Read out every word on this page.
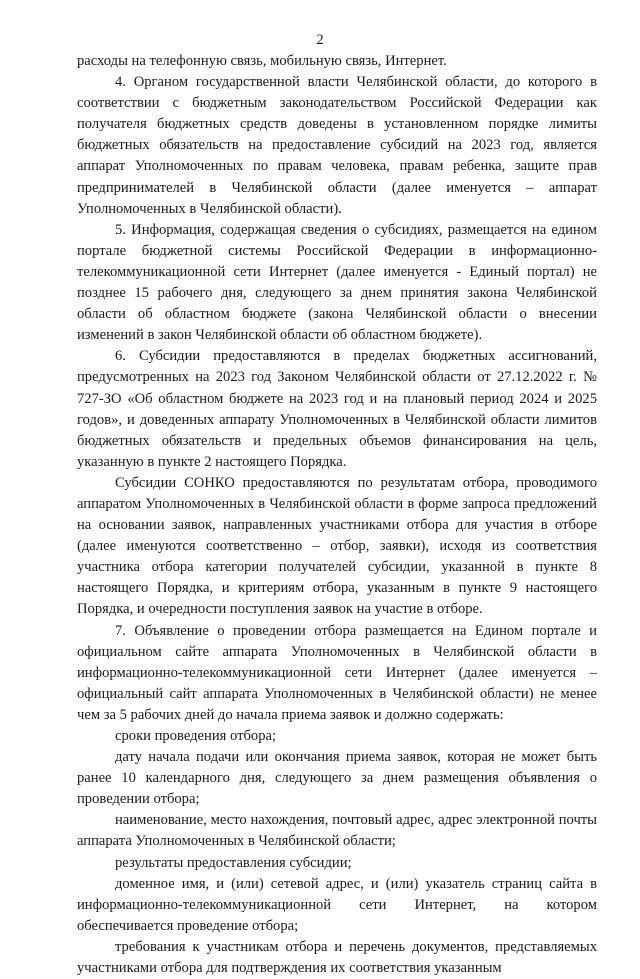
2

расходы на телефонную связь, мобильную связь, Интернет.

4. Органом государственной власти Челябинской области, до которого в соответствии с бюджетным законодательством Российской Федерации как получателя бюджетных средств доведены в установленном порядке лимиты бюджетных обязательств на предоставление субсидий на 2023 год, является аппарат Уполномоченных по правам человека, правам ребенка, защите прав предпринимателей в Челябинской области (далее именуется – аппарат Уполномоченных в Челябинской области).

5. Информация, содержащая сведения о субсидиях, размещается на едином портале бюджетной системы Российской Федерации в информационно-телекоммуникационной сети Интернет (далее именуется - Единый портал) не позднее 15 рабочего дня, следующего за днем принятия закона Челябинской области об областном бюджете (закона Челябинской области о внесении изменений в закон Челябинской области об областном бюджете).

6. Субсидии предоставляются в пределах бюджетных ассигнований, предусмотренных на 2023 год Законом Челябинской области от 27.12.2022 г. № 727-ЗО «Об областном бюджете на 2023 год и на плановый период 2024 и 2025 годов», и доведенных аппарату Уполномоченных в Челябинской области лимитов бюджетных обязательств и предельных объемов финансирования на цель, указанную в пункте 2 настоящего Порядка.

Субсидии СОНКО предоставляются по результатам отбора, проводимого аппаратом Уполномоченных в Челябинской области в форме запроса предложений на основании заявок, направленных участниками отбора для участия в отборе (далее именуются соответственно – отбор, заявки), исходя из соответствия участника отбора категории получателей субсидии, указанной в пункте 8 настоящего Порядка, и критериям отбора, указанным в пункте 9 настоящего Порядка, и очередности поступления заявок на участие в отборе.

7. Объявление о проведении отбора размещается на Едином портале и официальном сайте аппарата Уполномоченных в Челябинской области в информационно-телекоммуникационной сети Интернет (далее именуется – официальный сайт аппарата Уполномоченных в Челябинской области) не менее чем за 5 рабочих дней до начала приема заявок и должно содержать:

сроки проведения отбора;

дату начала подачи или окончания приема заявок, которая не может быть ранее 10 календарного дня, следующего за днем размещения объявления о проведении отбора;

наименование, место нахождения, почтовый адрес, адрес электронной почты аппарата Уполномоченных в Челябинской области;

результаты предоставления субсидии;

доменное имя, и (или) сетевой адрес, и (или) указатель страниц сайта в информационно-телекоммуникационной сети Интернет, на котором обеспечивается проведение отбора;

требования к участникам отбора и перечень документов, представляемых участниками отбора для подтверждения их соответствия указанным
